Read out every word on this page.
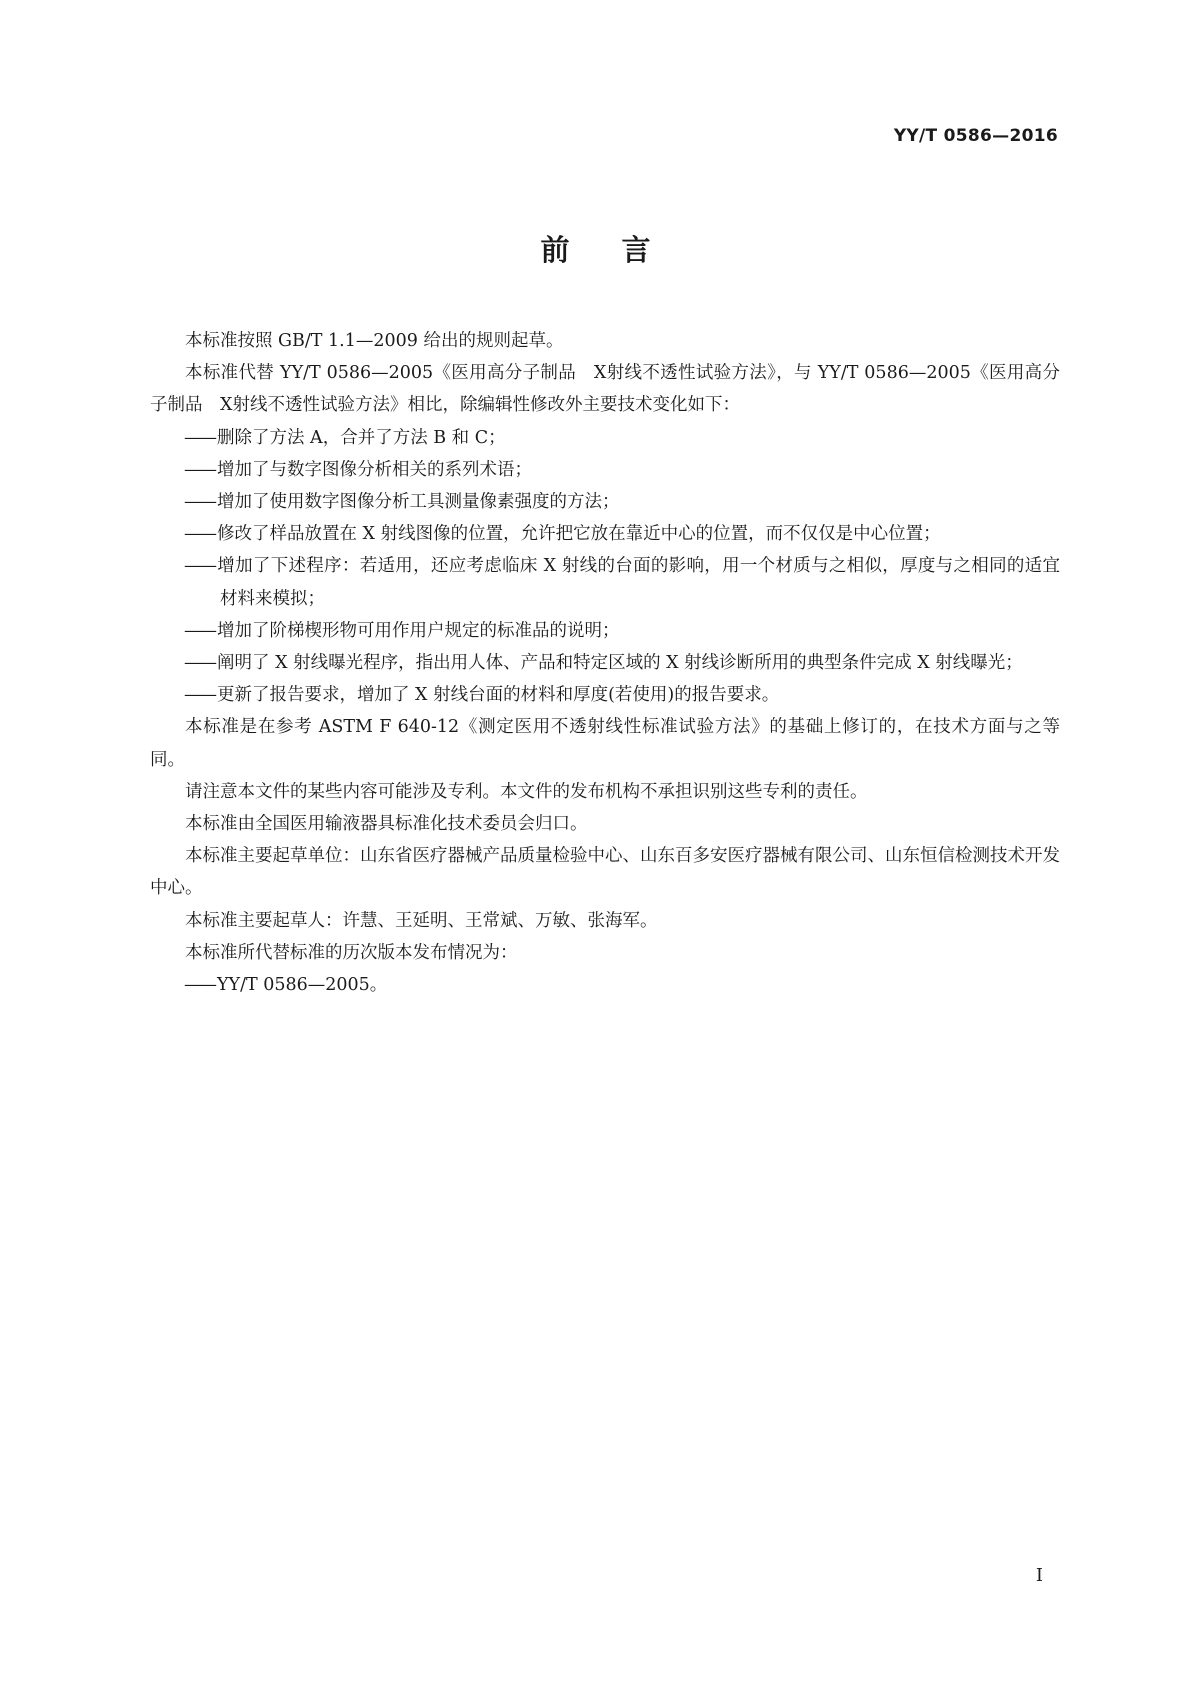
YY/T 0586—2016
前言

本标准按照 GB/T 1.1—2009 给出的规则起草。

本标准代替 YY/T 0586—2005《医用高分子制品　X射线不透性试验方法》，与 YY/T 0586—2005《医用高分子制品　X射线不透性试验方法》相比，除编辑性修改外主要技术变化如下：

—— 删除了方法 A，合并了方法 B 和 C；

—— 增加了与数字图像分析相关的系列术语；

—— 增加了使用数字图像分析工具测量像素强度的方法；

—— 修改了样品放置在 X 射线图像的位置，允许把它放在靠近中心的位置，而不仅仅是中心位置；

—— 增加了下述程序：若适用，还应考虑临床 X 射线的台面的影响，用一个材质与之相似，厚度与之相同的适宜材料来模拟；

—— 增加了阶梯楔形物可用作用户规定的标准品的说明；

—— 阐明了 X 射线曝光程序，指出用人体、产品和特定区域的 X 射线诊断所用的典型条件完成 X 射线曝光；

—— 更新了报告要求，增加了 X 射线台面的材料和厚度(若使用)的报告要求。

本标准是在参考 ASTM F 640-12《测定医用不透射线性标准试验方法》的基础上修订的，在技术方面与之等同。

请注意本文件的某些内容可能涉及专利。本文件的发布机构不承担识别这些专利的责任。

本标准由全国医用输液器具标准化技术委员会归口。

本标准主要起草单位：山东省医疗器械产品质量检验中心、山东百多安医疗器械有限公司、山东恒信检测技术开发中心。

本标准主要起草人：许慧、王延明、王常斌、万敏、张海军。

本标准所代替标准的历次版本发布情况为：

—— YY/T 0586—2005。

I
